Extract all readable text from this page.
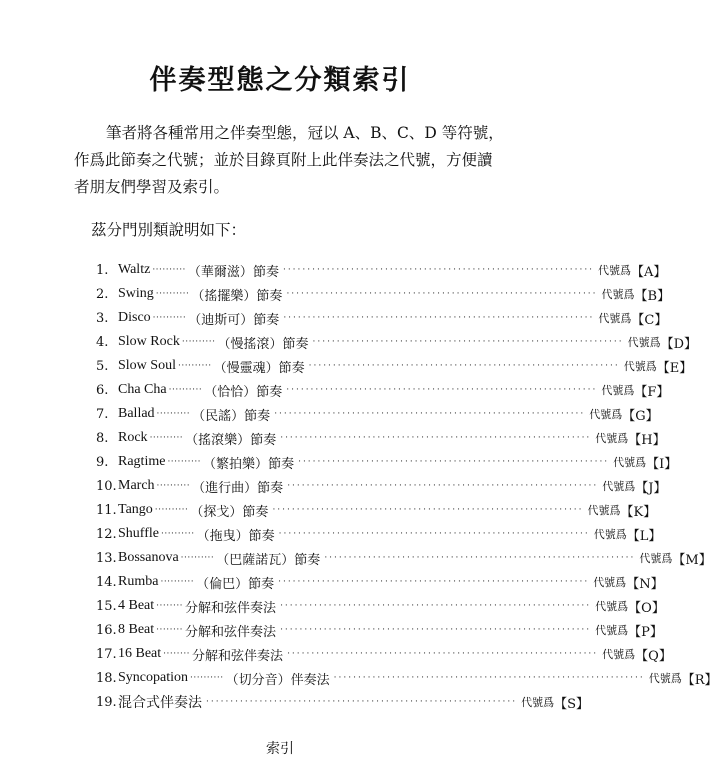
伴奏型態之分類索引

筆者將各種常用之伴奏型態，冠以 A、B、C、D 等符號，

作爲此節奏之代號；並於目錄頁附上此伴奏法之代號，方便讀

者朋友們學習及索引。

茲分門別類說明如下：
1. Waltz ·········· （華爾滋） 節奏 ································································ 代號爲 【A】
2. Swing ·········· （搖擺樂） 節奏 ································································ 代號爲 【B】
3. Disco ·········· （迪斯可） 節奏 ································································ 代號爲 【C】
4. Slow Rock ·········· （慢搖滾） 節奏 ································································ 代號爲 【D】
5. Slow Soul ·········· （慢靈魂） 節奏 ································································ 代號爲 【E】
6. Cha Cha ·········· （恰恰） 節奏 ································································ 代號爲 【F】
7. Ballad ·········· （民謠） 節奏 ································································ 代號爲 【G】
8. Rock ·········· （搖滾樂） 節奏 ································································ 代號爲 【H】
9. Ragtime ·········· （繁拍樂） 節奏 ································································ 代號爲 【I】
10. March ·········· （進行曲） 節奏 ································································ 代號爲 【J】
11. Tango ·········· （探戈） 節奏 ································································ 代號爲 【K】
12. Shuffle ·········· （拖曳） 節奏 ································································ 代號爲 【L】
13. Bossanova ·········· （巴薩諾瓦） 節奏 ································································ 代號爲 【M】
14. Rumba ·········· （倫巴） 節奏 ································································ 代號爲 【N】
15. 4 Beat ········ 分解和弦伴奏法 ································································ 代號爲 【O】
16. 8 Beat ········ 分解和弦伴奏法 ································································ 代號爲 【P】
17. 16 Beat ········ 分解和弦伴奏法 ································································ 代號爲 【Q】
18. Syncopation ·········· （切分音） 伴奏法 ································································ 代號爲 【R】
19. 混合式伴奏法 ································································ 代號爲 【S】
索引
